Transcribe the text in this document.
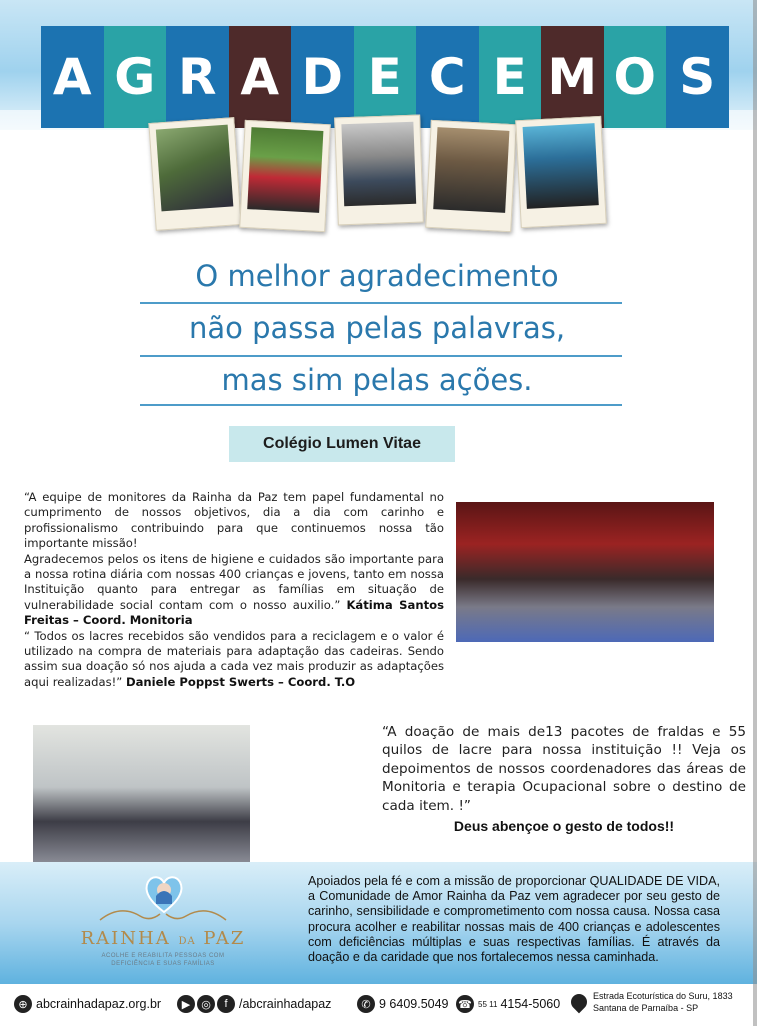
A G R A D E C E M O S
O melhor agradecimento
não passa pelas palavras,
mas sim pelas ações.
Colégio Lumen Vitae

“A equipe de monitores da Rainha da Paz tem papel fundamental no cumprimento de nossos objetivos, dia a dia com carinho e profissionalismo contribuindo para que continuemos nossa tão importante missão!

Agradecemos pelos os itens de higiene e cuidados são importante para a nossa rotina diária com nossas 400 crianças e jovens, tanto em nossa Instituição quanto para entregar as famílias em situação de vulnerabilidade social contam com o nosso auxilio.” Kátima Santos Freitas – Coord. Monitoria

“ Todos os lacres recebidos são vendidos para a reciclagem e o valor é utilizado na compra de materiais para adaptação das cadeiras. Sendo assim sua doação só nos ajuda a cada vez mais produzir as adaptações aqui realizadas!” Daniele Poppst Swerts – Coord. T.O

“A doação de mais de13 pacotes de fraldas e 55 quilos de lacre para nossa instituição !! Veja os depoimentos de nossos coordenadores das áreas de Monitoria e terapia Ocupacional sobre o destino de cada item. !”

Deus abençoe o gesto de todos!!
RAINHA DA PAZ
ACOLHE E REABILITA PESSOAS COM
DEFICIÊNCIA E SUAS FAMÍLIAS

Apoiados pela fé e com a missão de proporcionar QUALIDADE DE VIDA, a Comunidade de Amor Rainha da Paz vem agradecer por seu gesto de carinho, sensibilidade e comprometimento com nossa causa. Nossa casa procura acolher e reabilitar nossas mais de 400 crianças e adolescentes com deficiências múltiplas e suas respectivas famílias. É através da doação e da caridade que nos fortalecemos nessa caminhada.

⊕ abcrainhadapaz.org.br	▶ ◎	f /abcrainhadapaz	✆ 9 6409.5049 ☎ 55 11 4154-5060
Estrada Ecoturística do Suru, 1833
Santana de Parnaíba - SP
